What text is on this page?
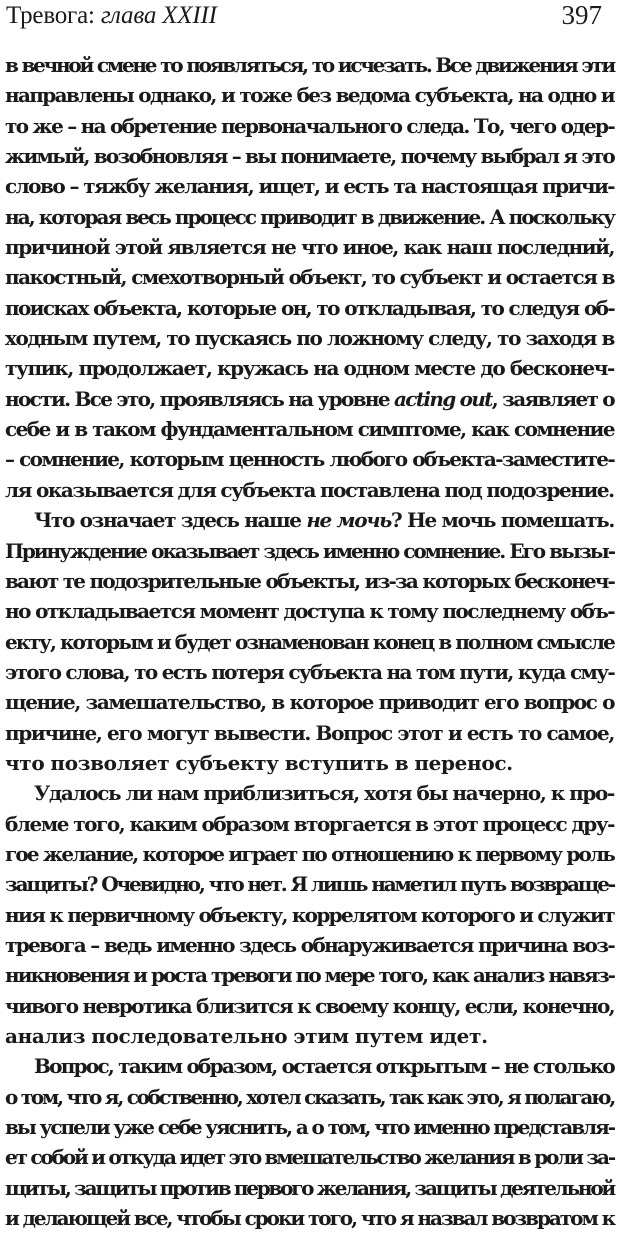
Тревога: глава XXIII	397
в вечной смене то появляться, то исчезать. Все движения эти
направлены однако, и тоже без ведома субъекта, на одно и
то же – на обретение первоначального следа. То, чего одер-
жимый, возобновляя – вы понимаете, почему выбрал я это
слово – тяжбу желания, ищет, и есть та настоящая причи-
на, которая весь процесс приводит в движение. А поскольку
причиной этой является не что иное, как наш последний,
пакостный, смехотворный объект, то субъект и остается в
поисках объекта, которые он, то откладывая, то следуя об-
ходным путем, то пускаясь по ложному следу, то заходя в
тупик, продолжает, кружась на одном месте до бесконеч-
ности. Все это, проявляясь на уровне acting out, заявляет о
себе и в таком фундаментальном симптоме, как сомнение
– сомнение, которым ценность любого объекта-заместите-
ля оказывается для субъекта поставлена под подозрение.
Что означает здесь наше не мочь? Не мочь помешать.
Принуждение оказывает здесь именно сомнение. Его вызы-
вают те подозрительные объекты, из-за которых бесконеч-
но откладывается момент доступа к тому последнему объ-
екту, которым и будет ознаменован конец в полном смысле
этого слова, то есть потеря субъекта на том пути, куда сму-
щение, замешательство, в которое приводит его вопрос о
причине, его могут вывести. Вопрос этот и есть то самое,
что позволяет субъекту вступить в перенос.
Удалось ли нам приблизиться, хотя бы начерно, к про-
блеме того, каким образом вторгается в этот процесс дру-
гое желание, которое играет по отношению к первому роль
защиты? Очевидно, что нет. Я лишь наметил путь возвраще-
ния к первичному объекту, коррелятом которого и служит
тревога – ведь именно здесь обнаруживается причина воз-
никновения и роста тревоги по мере того, как анализ навяз-
чивого невротика близится к своему концу, если, конечно,
анализ последовательно этим путем идет.
Вопрос, таким образом, остается открытым – не столько
о том, что я, собственно, хотел сказать, так как это, я полагаю,
вы успели уже себе уяснить, а о том, что именно представля-
ет собой и откуда идет это вмешательство желания в роли за-
щиты, защиты против первого желания, защиты деятельной
и делающей все, чтобы сроки того, что я назвал возвратом к
